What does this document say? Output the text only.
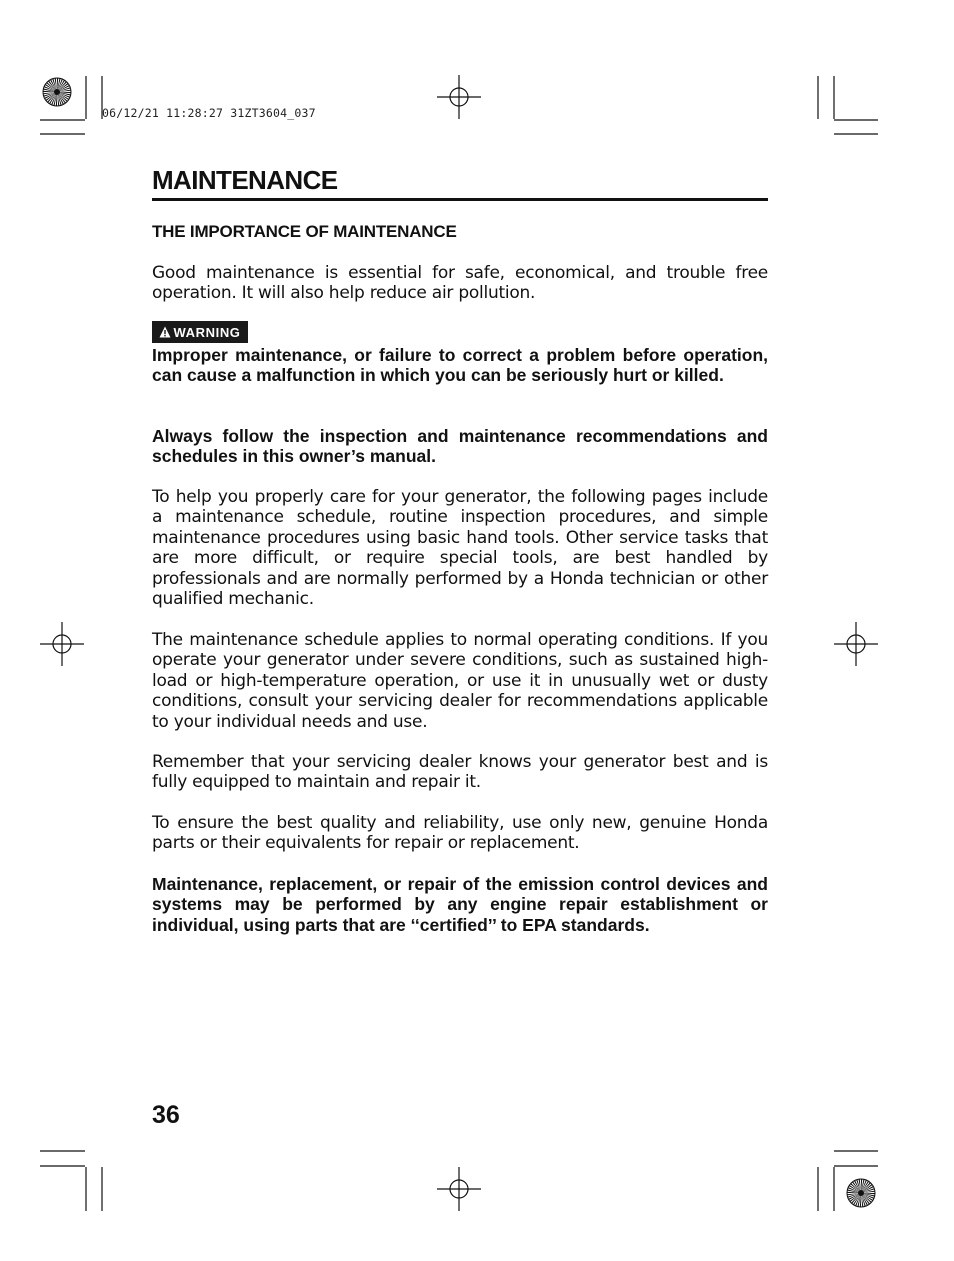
06/12/21 11:28:27 31ZT3604_037
MAINTENANCE
THE IMPORTANCE OF MAINTENANCE

Good maintenance is essential for safe, economical, and trouble free operation. It will also help reduce air pollution.

WARNING

Improper maintenance, or failure to correct a problem before operation, can cause a malfunction in which you can be seriously hurt or killed.

Always follow the inspection and maintenance recommendations and schedules in this owner’s manual.

To help you properly care for your generator, the following pages include a maintenance schedule, routine inspection procedures, and simple maintenance procedures using basic hand tools. Other service tasks that are more difficult, or require special tools, are best handled by professionals and are normally performed by a Honda technician or other qualified mechanic.

The maintenance schedule applies to normal operating conditions. If you operate your generator under severe conditions, such as sustained high-load or high-temperature operation, or use it in unusually wet or dusty conditions, consult your servicing dealer for recommendations applicable to your individual needs and use.

Remember that your servicing dealer knows your generator best and is fully equipped to maintain and repair it.

To ensure the best quality and reliability, use only new, genuine Honda parts or their equivalents for repair or replacement.

Maintenance, replacement, or repair of the emission control devices and systems may be performed by any engine repair establishment or individual, using parts that are ‘‘certified’’ to EPA standards.

36
